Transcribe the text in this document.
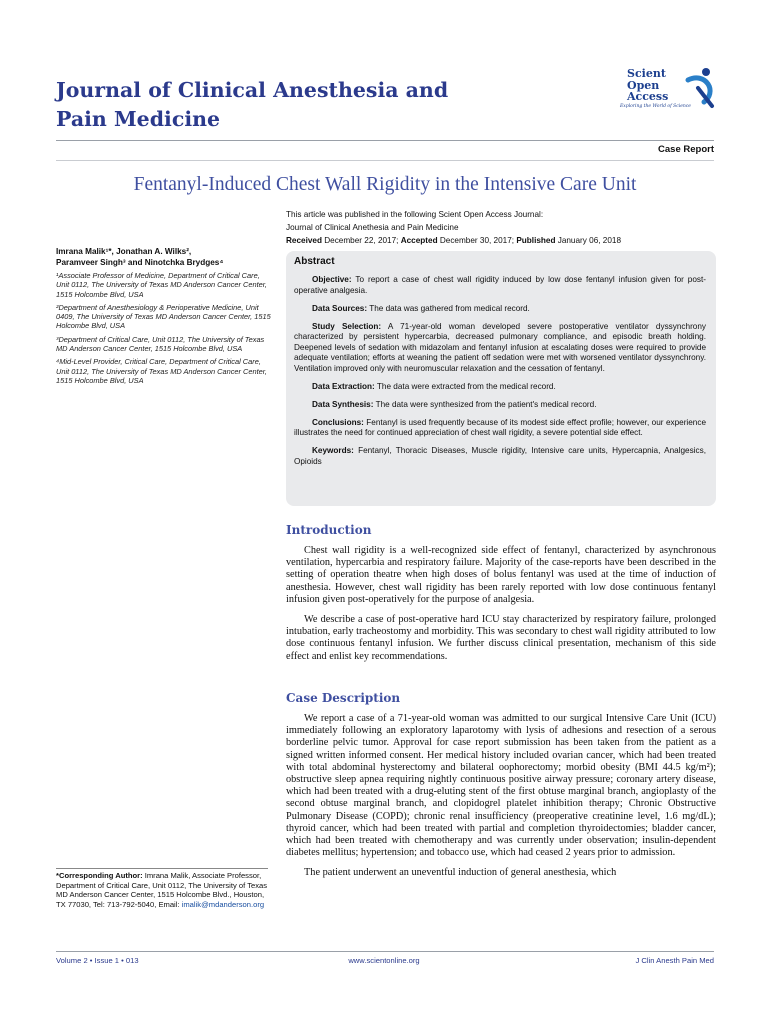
Journal of Clinical Anesthesia and
Pain Medicine
Scient
Open
Access
Exploring the World of Science
Case Report
Fentanyl-Induced Chest Wall Rigidity in the Intensive Care Unit
This article was published in the following Scient Open Access Journal:
Journal of Clinical Anethesia and Pain Medicine
Received December 22, 2017; Accepted December 30, 2017; Published January 06, 2018
Imrana Malik¹*, Jonathan A. Wilks²,
Paramveer Singh³ and Ninotchka Brydges⁴
¹Associate Professor of Medicine, Department of Critical Care, Unit 0112, The University of Texas MD Anderson Cancer Center, 1515 Holcombe Blvd, USA
²Department of Anesthesiology & Perioperative Medicine, Unit 0409, The University of Texas MD Anderson Cancer Center, 1515 Holcombe Blvd, USA
³Department of Critical Care, Unit 0112, The University of Texas MD Anderson Cancer Center, 1515 Holcombe Blvd, USA
⁴Mid-Level Provider, Critical Care, Department of Critical Care, Unit 0112, The University of Texas MD Anderson Cancer Center, 1515 Holcombe Blvd, USA
Abstract

Objective: To report a case of chest wall rigidity induced by low dose fentanyl infusion given for post-operative analgesia.

Data Sources: The data was gathered from medical record.

Study Selection: A 71-year-old woman developed severe postoperative ventilator dyssynchrony characterized by persistent hypercarbia, decreased pulmonary compliance, and episodic breath holding. Deepened levels of sedation with midazolam and fentanyl infusion at escalating doses were required to provide adequate ventilation; efforts at weaning the patient off sedation were met with worsened ventilator dyssynchrony. Ventilation improved only with neuromuscular relaxation and the cessation of fentanyl.

Data Extraction: The data were extracted from the medical record.

Data Synthesis: The data were synthesized from the patient's medical record.

Conclusions: Fentanyl is used frequently because of its modest side effect profile; however, our experience illustrates the need for continued appreciation of chest wall rigidity, a severe potential side effect.

Keywords: Fentanyl, Thoracic Diseases, Muscle rigidity, Intensive care units, Hypercapnia, Analgesics, Opioids

Introduction

Chest wall rigidity is a well-recognized side effect of fentanyl, characterized by asynchronous ventilation, hypercarbia and respiratory failure. Majority of the case-reports have been described in the setting of operation theatre when high doses of bolus fentanyl was used at the time of induction of anesthesia. However, chest wall rigidity has been rarely reported with low dose continuous fentanyl infusion given post-operatively for the purpose of analgesia.

We describe a case of post-operative hard ICU stay characterized by respiratory failure, prolonged intubation, early tracheostomy and morbidity. This was secondary to chest wall rigidity attributed to low dose continuous fentanyl infusion. We further discuss clinical presentation, mechanism of this side effect and enlist key recommendations.

Case Description

We report a case of a 71-year-old woman was admitted to our surgical Intensive Care Unit (ICU) immediately following an exploratory laparotomy with lysis of adhesions and resection of a serous borderline pelvic tumor. Approval for case report submission has been taken from the patient as a signed written informed consent. Her medical history included ovarian cancer, which had been treated with total abdominal hysterectomy and bilateral oophorectomy; morbid obesity (BMI 44.5 kg/m²); obstructive sleep apnea requiring nightly continuous positive airway pressure; coronary artery disease, which had been treated with a drug-eluting stent of the first obtuse marginal branch, angioplasty of the second obtuse marginal branch, and clopidogrel platelet inhibition therapy; Chronic Obstructive Pulmonary Disease (COPD); chronic renal insufficiency (preoperative creatinine level, 1.6 mg/dL); thyroid cancer, which had been treated with partial and completion thyroidectomies; bladder cancer, which had been treated with chemotherapy and was currently under observation; insulin-dependent diabetes mellitus; hypertension; and tobacco use, which had ceased 2 years prior to admission.

The patient underwent an uneventful induction of general anesthesia, which

*Corresponding Author: Imrana Malik, Associate Professor, Department of Critical Care, Unit 0112, The University of Texas MD Anderson Cancer Center, 1515 Holcombe Blvd., Houston, TX 77030, Tel: 713-792-5040, Email: imalik@mdanderson.org
Volume 2 • Issue 1 • 013	www.scientonline.org	J Clin Anesth Pain Med
